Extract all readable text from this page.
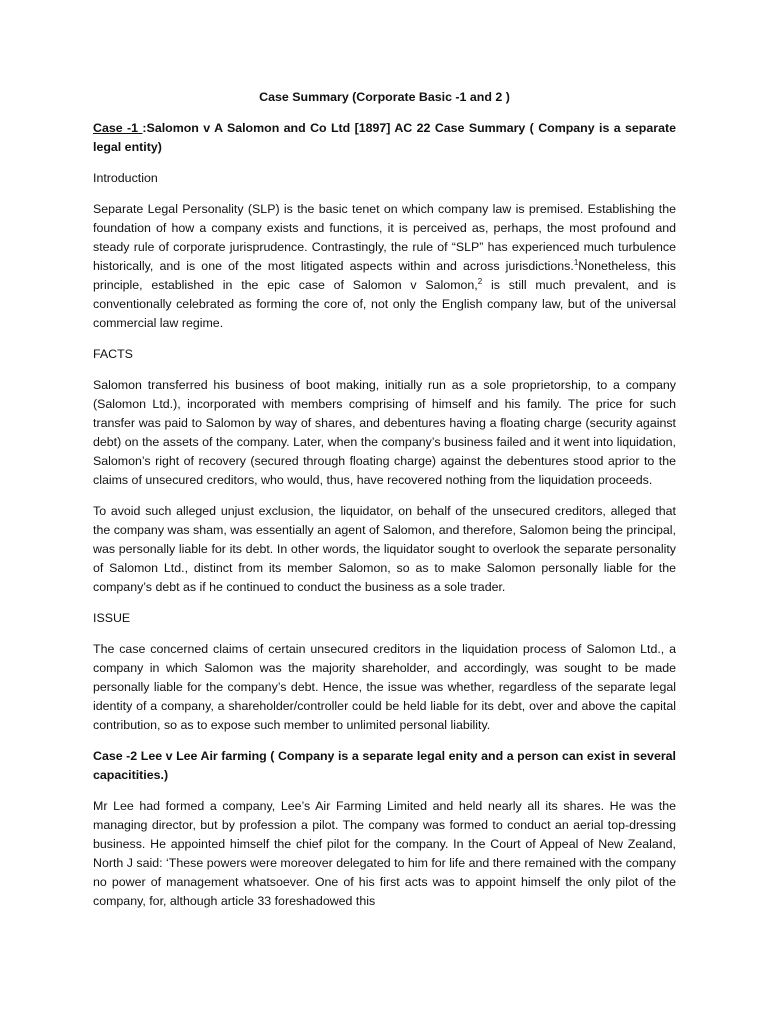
Case Summary (Corporate Basic -1 and 2 )
Case -1 :Salomon v A Salomon and Co Ltd [1897] AC 22 Case Summary ( Company is a separate legal entity)
Introduction
Separate Legal Personality (SLP) is the basic tenet on which company law is premised. Establishing the foundation of how a company exists and functions, it is perceived as, perhaps, the most profound and steady rule of corporate jurisprudence. Contrastingly, the rule of “SLP” has experienced much turbulence historically, and is one of the most litigated aspects within and across jurisdictions.$^1$Nonetheless, this principle, established in the epic case of Salomon v Salomon,$^2$ is still much prevalent, and is conventionally celebrated as forming the core of, not only the English company law, but of the universal commercial law regime.
FACTS
Salomon transferred his business of boot making, initially run as a sole proprietorship, to a company (Salomon Ltd.), incorporated with members comprising of himself and his family. The price for such transfer was paid to Salomon by way of shares, and debentures having a floating charge (security against debt) on the assets of the company. Later, when the company’s business failed and it went into liquidation, Salomon’s right of recovery (secured through floating charge) against the debentures stood aprior to the claims of unsecured creditors, who would, thus, have recovered nothing from the liquidation proceeds.
To avoid such alleged unjust exclusion, the liquidator, on behalf of the unsecured creditors, alleged that the company was sham, was essentially an agent of Salomon, and therefore, Salomon being the principal, was personally liable for its debt. In other words, the liquidator sought to overlook the separate personality of Salomon Ltd., distinct from its member Salomon, so as to make Salomon personally liable for the company’s debt as if he continued to conduct the business as a sole trader.
ISSUE
The case concerned claims of certain unsecured creditors in the liquidation process of Salomon Ltd., a company in which Salomon was the majority shareholder, and accordingly, was sought to be made personally liable for the company’s debt. Hence, the issue was whether, regardless of the separate legal identity of a company, a shareholder/controller could be held liable for its debt, over and above the capital contribution, so as to expose such member to unlimited personal liability.
Case -2 Lee v Lee Air farming ( Company is a separate legal enity and a person can exist in several capacitities.)
Mr Lee had formed a company, Lee’s Air Farming Limited and held nearly all its shares. He was the managing director, but by profession a pilot. The company was formed to conduct an aerial top-dressing business. He appointed himself the chief pilot for the company. In the Court of Appeal of New Zealand, North J said: ‘These powers were moreover delegated to him for life and there remained with the company no power of management whatsoever. One of his first acts was to appoint himself the only pilot of the company, for, although article 33 foreshadowed this
